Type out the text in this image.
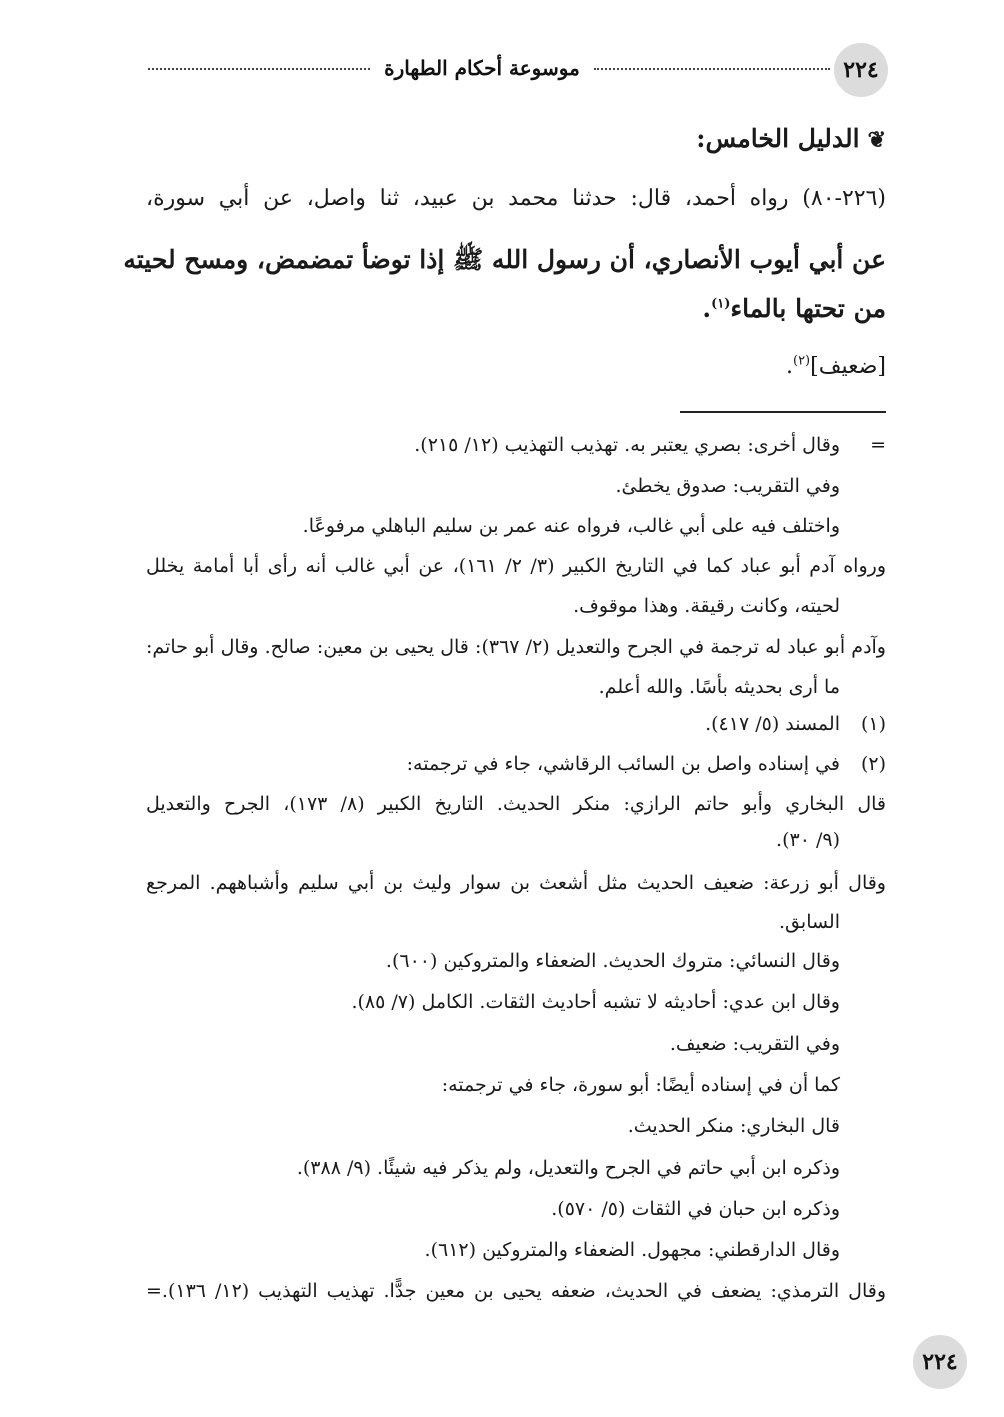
٢٢٤
موسوعة أحكام الطهارة
❦الدليل الخامس:
(٢٢٦-٨٠) رواه أحمد، قال: حدثنا محمد بن عبيد، ثنا واصل، عن أبي سورة،
عن أبي أيوب الأنصاري، أن رسول الله ﷺ إذا توضأ تمضمض، ومسح لحيته
من تحتها بالماء$^{(١)}$.
[ضعيف]$^{(٢)}$.
=
وقال أخرى: بصري يعتبر به. تهذيب التهذيب (١٢/ ٢١٥).
وفي التقريب: صدوق يخطئ.
واختلف فيه على أبي غالب، فرواه عنه عمر بن سليم الباهلي مرفوعًا.
ورواه آدم أبو عباد كما في التاريخ الكبير (٣/ ٢/ ١٦١)، عن أبي غالب أنه رأى أبا أمامة يخلل
لحيته، وكانت رقيقة. وهذا موقوف.
وآدم أبو عباد له ترجمة في الجرح والتعديل (٢/ ٣٦٧): قال يحيى بن معين: صالح. وقال أبو حاتم:
ما أرى بحديثه بأسًا. والله أعلم.
(١)
المسند (٥/ ٤١٧).
(٢)
في إسناده واصل بن السائب الرقاشي، جاء في ترجمته:
قال البخاري وأبو حاتم الرازي: منكر الحديث. التاريخ الكبير (٨/ ١٧٣)، الجرح والتعديل
(٩/ ٣٠).
وقال أبو زرعة: ضعيف الحديث مثل أشعث بن سوار وليث بن أبي سليم وأشباههم. المرجع
السابق.
وقال النسائي: متروك الحديث. الضعفاء والمتروكين (٦٠٠).
وقال ابن عدي: أحاديثه لا تشبه أحاديث الثقات. الكامل (٧/ ٨٥).
وفي التقريب: ضعيف.
كما أن في إسناده أيضًا: أبو سورة، جاء في ترجمته:
قال البخاري: منكر الحديث.
وذكره ابن أبي حاتم في الجرح والتعديل، ولم يذكر فيه شيئًا. (٩/ ٣٨٨).
وذكره ابن حبان في الثقات (٥/ ٥٧٠).
وقال الدارقطني: مجهول. الضعفاء والمتروكين (٦١٢).
وقال الترمذي: يضعف في الحديث، ضعفه يحيى بن معين جدًّا. تهذيب التهذيب (١٢/ ١٣٦).=
٢٢٤
